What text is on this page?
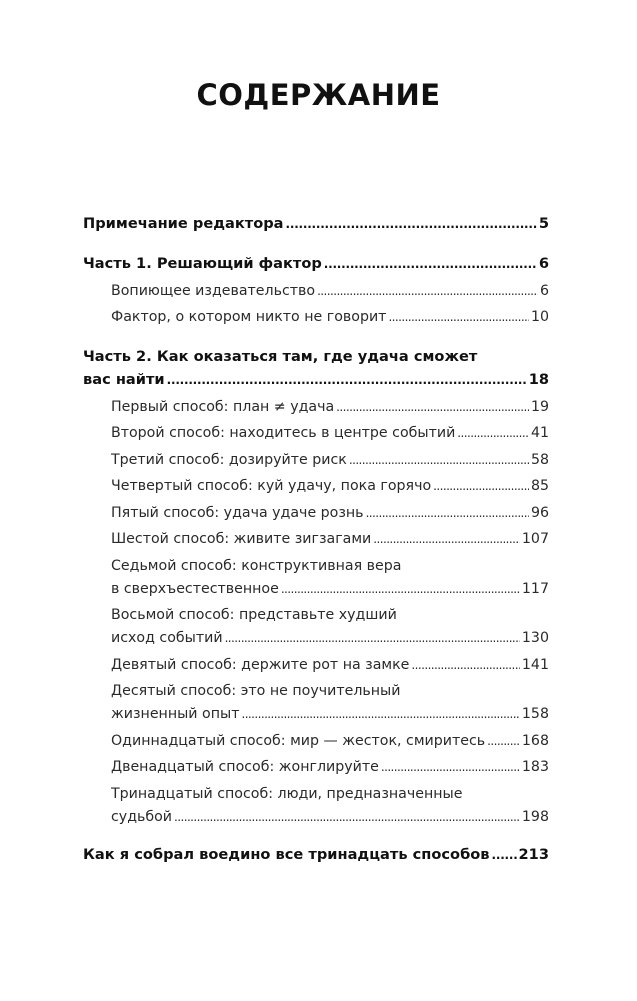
СОДЕРЖАНИЕ
Примечание редактора . . .	5
Часть 1. Решающий фактор . . .	6
Вопиющее издевательство . . .	6
Фактор, о котором никто не говорит . . .	10
Часть 2. Как оказаться там, где удача сможет
вас найти . . .	18
Первый способ: план ≠ удача . . .	19
Второй способ: находитесь в центре событий . . .	41
Третий способ: дозируйте риск . . .	58
Четвертый способ: куй удачу, пока горячо . . .	85
Пятый способ: удача удаче рознь . . .	96
Шестой способ: живите зигзагами . . .	107
Седьмой способ: конструктивная вера
в сверхъестественное . . .	117
Восьмой способ: представьте худший
исход событий . . .	130
Девятый способ: держите рот на замке . . .	141
Десятый способ: это не поучительный
жизненный опыт . . .	158
Одиннадцатый способ: мир — жесток, смиритесь . . .	168
Двенадцатый способ: жонглируйте . . .	183
Тринадцатый способ: люди, предназначенные
судьбой . . .	198
Как я собрал воедино все тринадцать способов . . . 213
